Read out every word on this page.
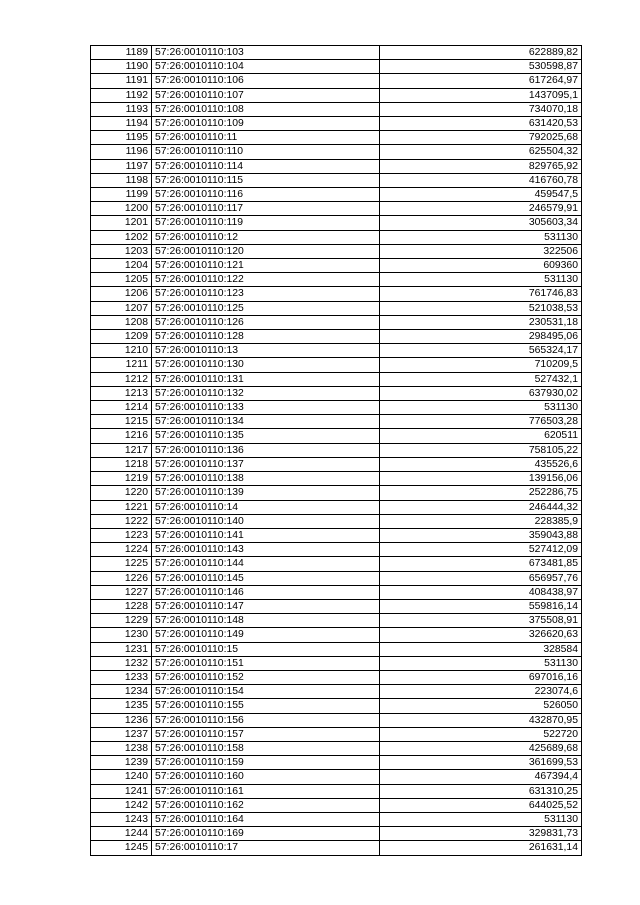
1189	57:26:0010110:103	622889,82
1190	57:26:0010110:104	530598,87
1191	57:26:0010110:106	617264,97
1192	57:26:0010110:107	1437095,1
1193	57:26:0010110:108	734070,18
1194	57:26:0010110:109	631420,53
1195	57:26:0010110:11	792025,68
1196	57:26:0010110:110	625504,32
1197	57:26:0010110:114	829765,92
1198	57:26:0010110:115	416760,78
1199	57:26:0010110:116	459547,5
1200	57:26:0010110:117	246579,91
1201	57:26:0010110:119	305603,34
1202	57:26:0010110:12	531130
1203	57:26:0010110:120	322506
1204	57:26:0010110:121	609360
1205	57:26:0010110:122	531130
1206	57:26:0010110:123	761746,83
1207	57:26:0010110:125	521038,53
1208	57:26:0010110:126	230531,18
1209	57:26:0010110:128	298495,06
1210	57:26:0010110:13	565324,17
1211	57:26:0010110:130	710209,5
1212	57:26:0010110:131	527432,1
1213	57:26:0010110:132	637930,02
1214	57:26:0010110:133	531130
1215	57:26:0010110:134	776503,28
1216	57:26:0010110:135	620511
1217	57:26:0010110:136	758105,22
1218	57:26:0010110:137	435526,6
1219	57:26:0010110:138	139156,06
1220	57:26:0010110:139	252286,75
1221	57:26:0010110:14	246444,32
1222	57:26:0010110:140	228385,9
1223	57:26:0010110:141	359043,88
1224	57:26:0010110:143	527412,09
1225	57:26:0010110:144	673481,85
1226	57:26:0010110:145	656957,76
1227	57:26:0010110:146	408438,97
1228	57:26:0010110:147	559816,14
1229	57:26:0010110:148	375508,91
1230	57:26:0010110:149	326620,63
1231	57:26:0010110:15	328584
1232	57:26:0010110:151	531130
1233	57:26:0010110:152	697016,16
1234	57:26:0010110:154	223074,6
1235	57:26:0010110:155	526050
1236	57:26:0010110:156	432870,95
1237	57:26:0010110:157	522720
1238	57:26:0010110:158	425689,68
1239	57:26:0010110:159	361699,53
1240	57:26:0010110:160	467394,4
1241	57:26:0010110:161	631310,25
1242	57:26:0010110:162	644025,52
1243	57:26:0010110:164	531130
1244	57:26:0010110:169	329831,73
1245	57:26:0010110:17	261631,14
